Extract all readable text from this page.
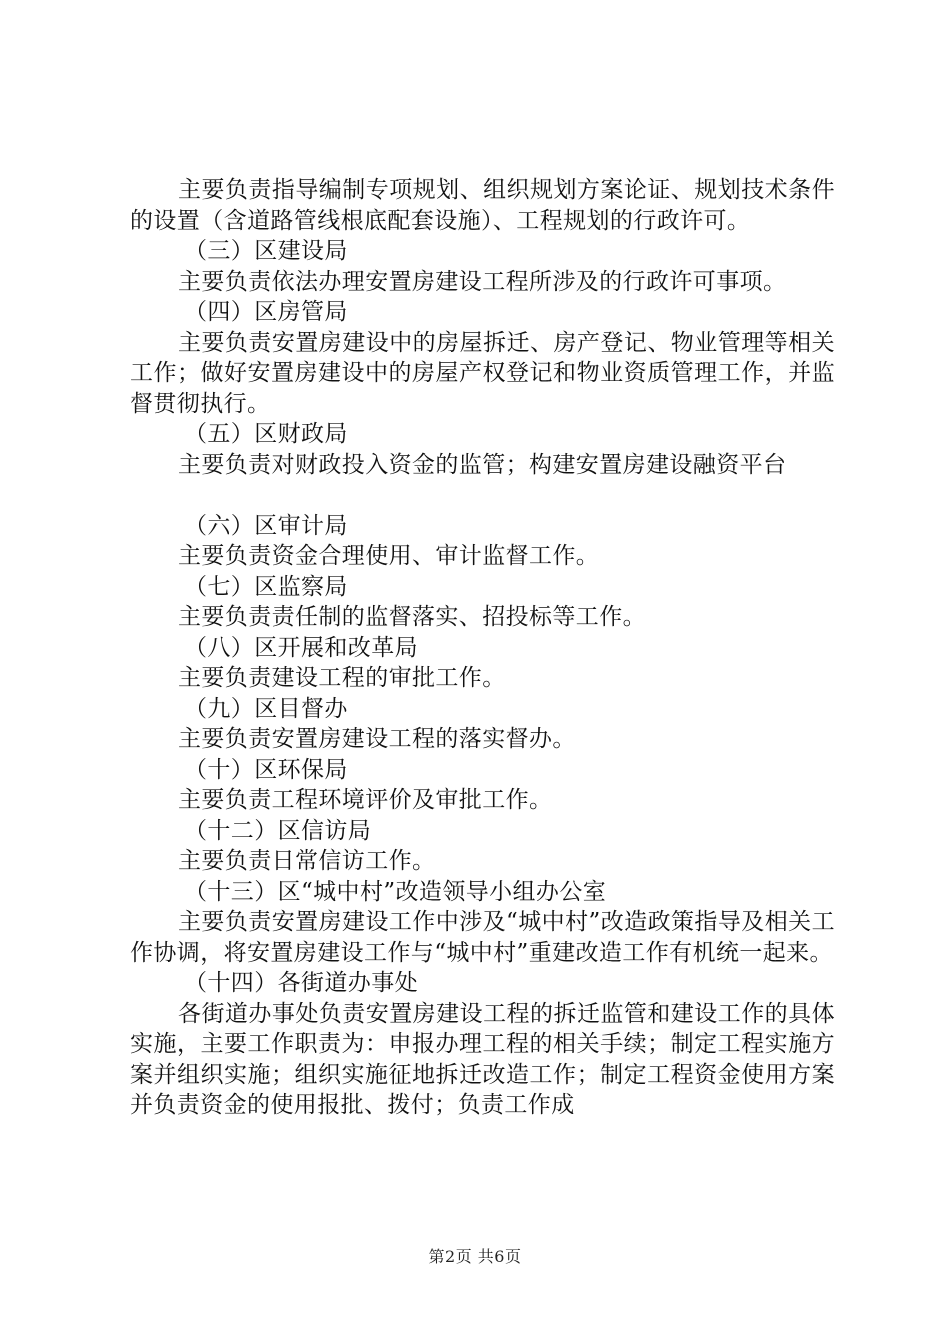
主要负责指导编制专项规划、组织规划方案论证、规划技术条件的设置（含道路管线根底配套设施）、工程规划的行政许可。

（三）区建设局

主要负责依法办理安置房建设工程所涉及的行政许可事项。

（四）区房管局

主要负责安置房建设中的房屋拆迁、房产登记、物业管理等相关工作；做好安置房建设中的房屋产权登记和物业资质管理工作，并监督贯彻执行。

（五）区财政局

主要负责对财政投入资金的监管；构建安置房建设融资平台

（六）区审计局

主要负责资金合理使用、审计监督工作。

（七）区监察局

主要负责责任制的监督落实、招投标等工作。

（八）区开展和改革局

主要负责建设工程的审批工作。

（九）区目督办

主要负责安置房建设工程的落实督办。

（十）区环保局

主要负责工程环境评价及审批工作。

（十二）区信访局

主要负责日常信访工作。

（十三）区“城中村”改造领导小组办公室

主要负责安置房建设工作中涉及“城中村”改造政策指导及相关工作协调，将安置房建设工作与“城中村”重建改造工作有机统一起来。

（十四）各街道办事处

各街道办事处负责安置房建设工程的拆迁监管和建设工作的具体实施，主要工作职责为：申报办理工程的相关手续；制定工程实施方案并组织实施；组织实施征地拆迁改造工作；制定工程资金使用方案并负责资金的使用报批、拨付；负责工作成

第2页 共6页
